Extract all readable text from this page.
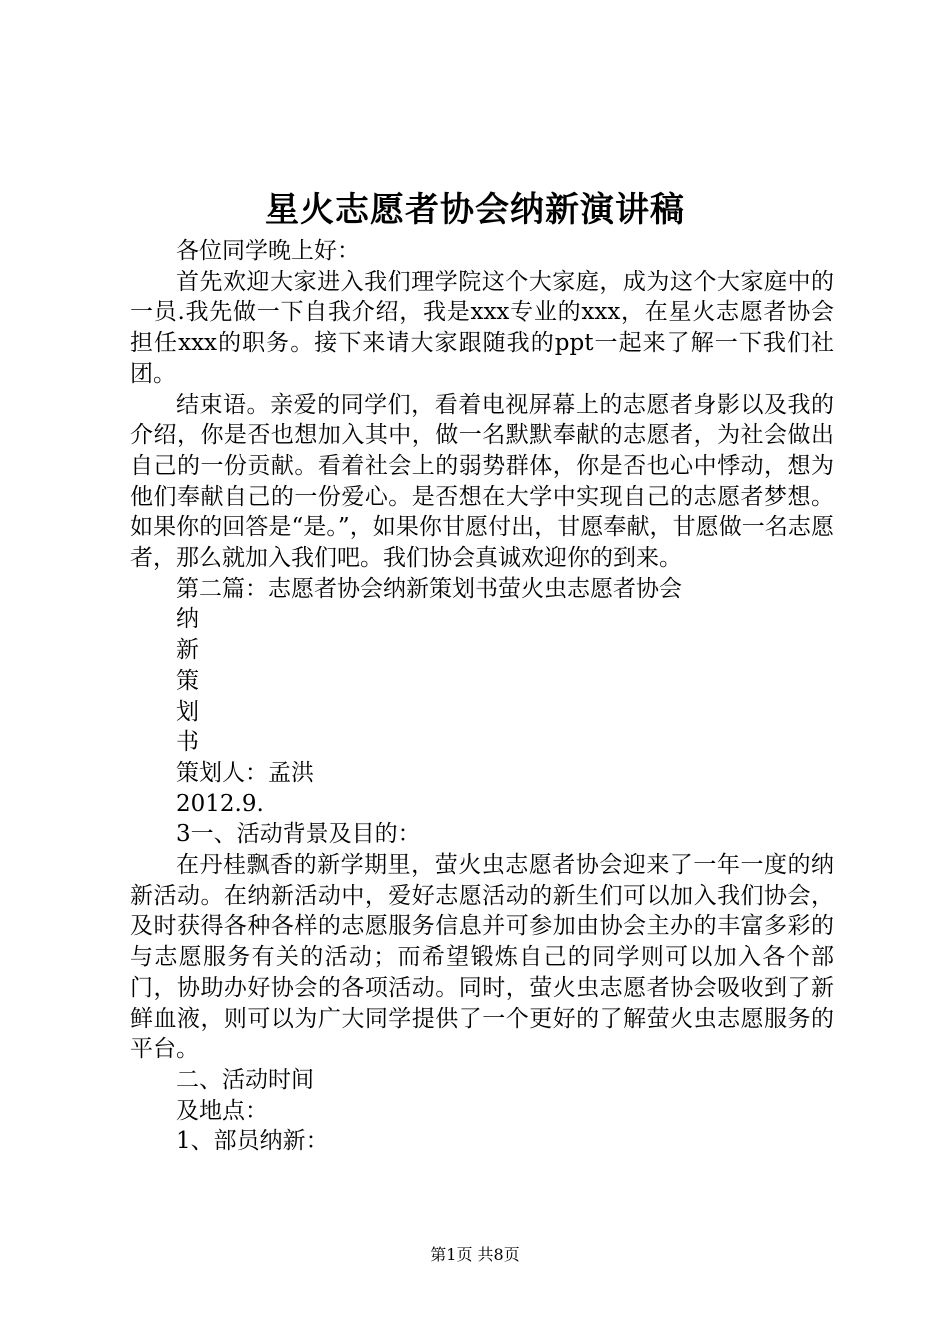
星火志愿者协会纳新演讲稿

各位同学晚上好：

首先欢迎大家进入我们理学院这个大家庭，成为这个大家庭中的一员.我先做一下自我介绍，我是xxx专业的xxx，在星火志愿者协会担任xxx的职务。接下来请大家跟随我的ppt一起来了解一下我们社团。

结束语。亲爱的同学们，看着电视屏幕上的志愿者身影以及我的介绍，你是否也想加入其中，做一名默默奉献的志愿者，为社会做出自己的一份贡献。看着社会上的弱势群体，你是否也心中悸动，想为他们奉献自己的一份爱心。是否想在大学中实现自己的志愿者梦想。如果你的回答是“是。”，如果你甘愿付出，甘愿奉献，甘愿做一名志愿者，那么就加入我们吧。我们协会真诚欢迎你的到来。

第二篇：志愿者协会纳新策划书萤火虫志愿者协会

纳

新

策

划

书

策划人：孟洪

2012.9.

3一、活动背景及目的：

在丹桂飘香的新学期里，萤火虫志愿者协会迎来了一年一度的纳新活动。在纳新活动中，爱好志愿活动的新生们可以加入我们协会，及时获得各种各样的志愿服务信息并可参加由协会主办的丰富多彩的与志愿服务有关的活动；而希望锻炼自己的同学则可以加入各个部门，协助办好协会的各项活动。同时，萤火虫志愿者协会吸收到了新鲜血液，则可以为广大同学提供了一个更好的了解萤火虫志愿服务的平台。

二、活动时间

及地点：

1、部员纳新：

第1页 共8页
